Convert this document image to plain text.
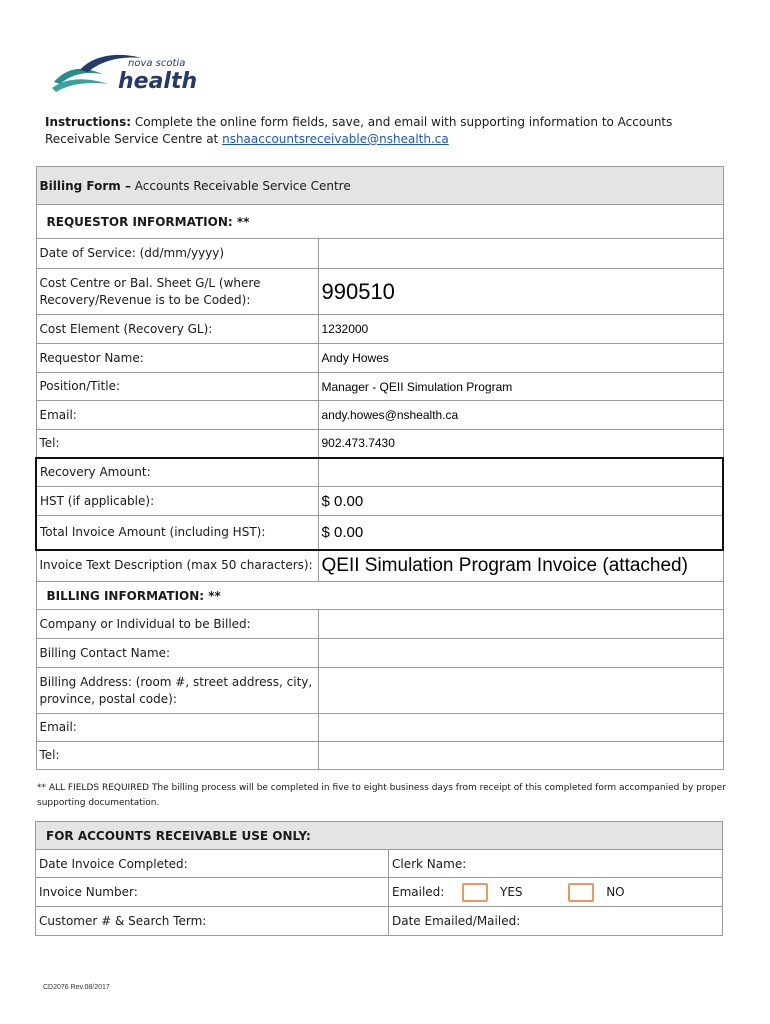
nova scotia
health
Instructions: Complete the online form fields, save, and email with supporting information to Accounts Receivable Service Centre at nshaaccountsreceivable@nshealth.ca
Billing Form – Accounts Receivable Service Centre	
REQUESTOR INFORMATION: **	
Date of Service: (dd/mm/yyyy)	
Cost Centre or Bal. Sheet G/L (where Recovery/Revenue is to be Coded):	990510
Cost Element (Recovery GL):	1232000
Requestor Name:	Andy Howes
Position/Title:	Manager - QEII Simulation Program
Email:	andy.howes@nshealth.ca
Tel:	902.473.7430
Recovery Amount:	
HST (if applicable):	$ 0.00
Total Invoice Amount (including HST):	$ 0.00
Invoice Text Description (max 50 characters):	QEII Simulation Program Invoice (attached)
BILLING INFORMATION: **	
Company or Individual to be Billed:	
Billing Contact Name:	
Billing Address: (room #, street address, city, province, postal code):	
Email:	
Tel:	
** ALL FIELDS REQUIRED The billing process will be completed in five to eight business days from receipt of this completed form accompanied by proper supporting documentation.
FOR ACCOUNTS RECEIVABLE USE ONLY:	
Date Invoice Completed:	Clerk Name:
Invoice Number:	Emailed: YES NO
Customer # & Search Term:	Date Emailed/Mailed:
CD2076 Rev.08/2017
